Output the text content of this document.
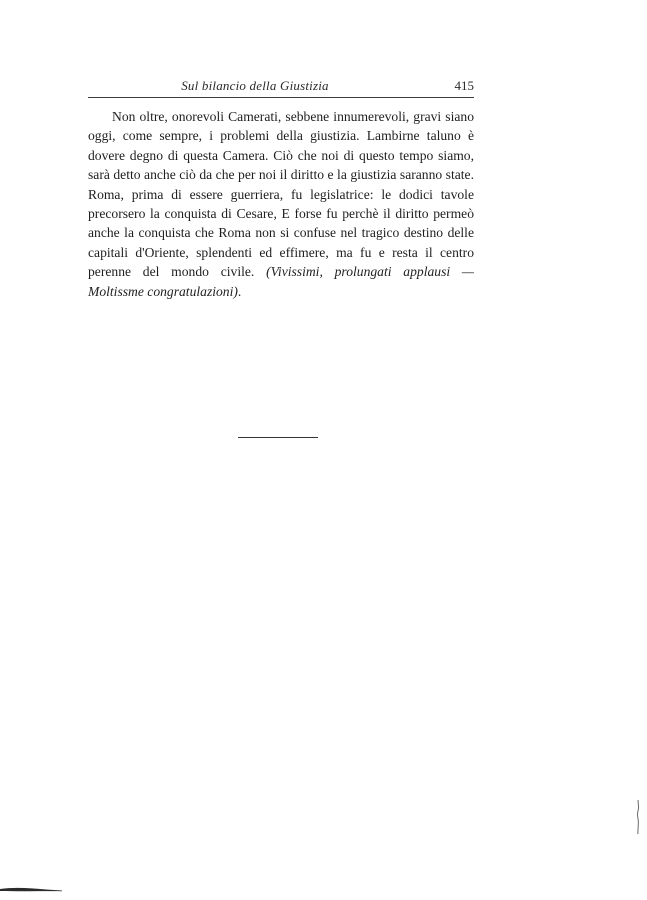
Sul bilancio della Giustizia	415

Non oltre, onorevoli Camerati, sebbene innumerevoli, gravi siano oggi, come sempre, i problemi della giustizia. Lambirne taluno è dovere degno di questa Camera. Ciò che noi di questo tempo siamo, sarà detto anche ciò da che per noi il diritto e la giustizia saranno state. Roma, prima di essere guerriera, fu legislatrice: le dodici tavole precorsero la conquista di Cesare, E forse fu perchè il diritto permeò anche la conquista che Roma non si confuse nel tragico destino delle capitali d'Oriente, splendenti ed effimere, ma fu e resta il centro perenne del mondo civile. (Vivissimi, prolungati applausi — Moltissme congratulazioni).
